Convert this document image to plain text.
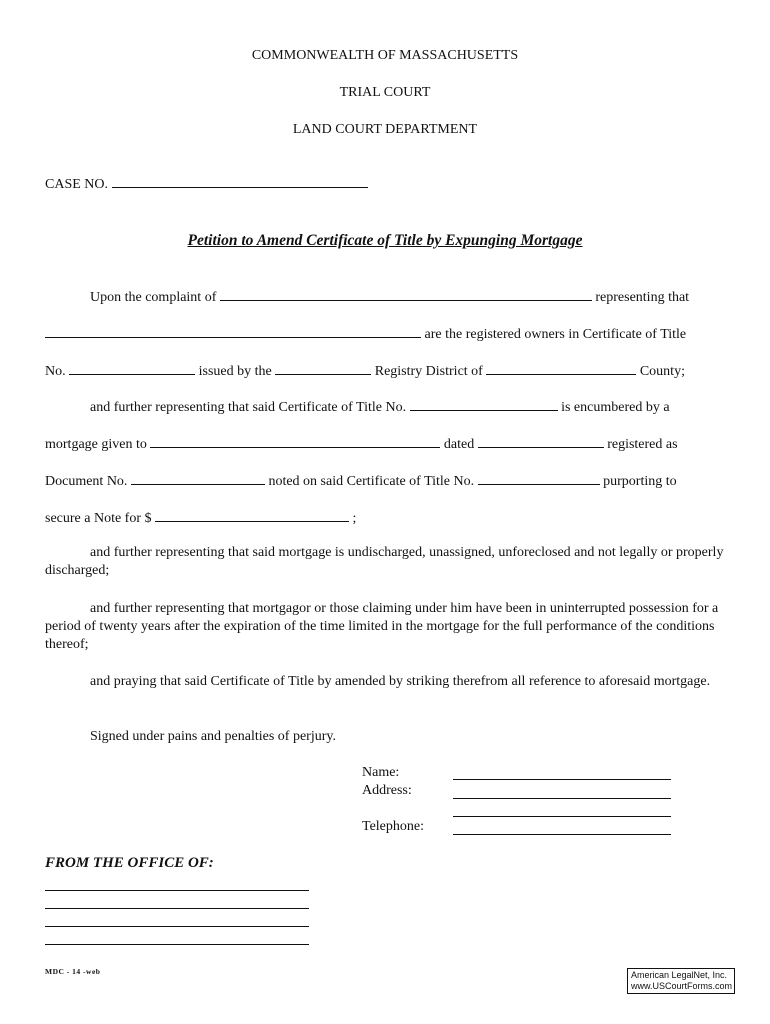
COMMONWEALTH OF MASSACHUSETTS
TRIAL COURT
LAND COURT DEPARTMENT
CASE NO.
Petition to Amend Certificate of Title by Expunging Mortgage
Upon the complaint of	representing that
are the registered owners in Certificate of Title
No.	issued by the	Registry District of	County;
and further representing that said Certificate of Title No.	is encumbered by a
mortgage given to	dated	registered as
Document No.	noted on said Certificate of Title No.	purporting to
secure a Note for $	;
and further representing that said mortgage is undischarged, unassigned, unforeclosed and not legally or properly discharged;
and further representing that mortgagor or those claiming under him have been in uninterrupted possession for a period of twenty years after the expiration of the time limited in the mortgage for the full performance of the conditions thereof;
and praying that said Certificate of Title by amended by striking therefrom all reference to aforesaid mortgage.
Signed under pains and penalties of perjury.
Name:
Address:
Telephone:
FROM THE OFFICE OF:
MDC - 14 -web	American LegalNet, Inc.
www.USCourtForms.com
